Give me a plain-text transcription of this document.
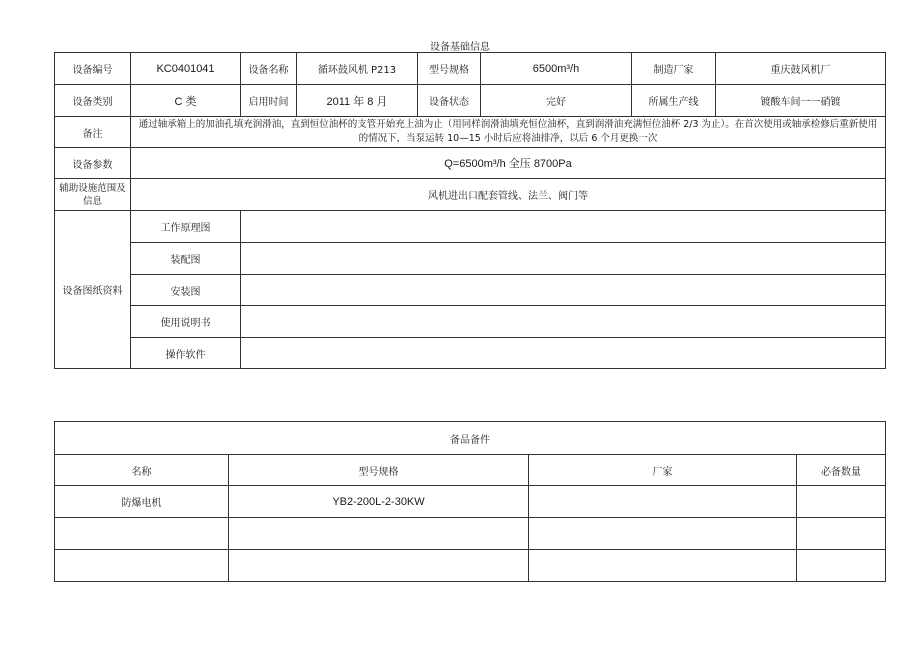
设备基础信息
设备编号	KC0401041	设备名称	循环鼓风机 P213	型号规格	6500m³/h	制造厂家	重庆鼓风机厂
设备类别	C 类	启用时间	2011 年 8 月	设备状态	完好	所属生产线	镀酸车间一一硝镀
备注	通过轴承箱上的加油孔填充润滑油，直到恒位油杯的支管开始充上油为止（用同样润滑油填充恒位油杯，直到润滑油充满恒位油杯 2/3 为止）。在首次使用或轴承检修后重新使用的情况下，当泵运转 10—15 小时后应将油排净，以后 6 个月更换一次						
设备参数	Q=6500m³/h 全压 8700Pa						
辅助设施范围及信息	风机进出口配套管线、法兰、阀门等						
设备图纸资料	工作原理图						
	装配图						
	安装图						
	使用说明书						
	操作软件						
备品备件			
名称	型号规格	厂家	必备数量
防爆电机	YB2-200L-2-30KW		
